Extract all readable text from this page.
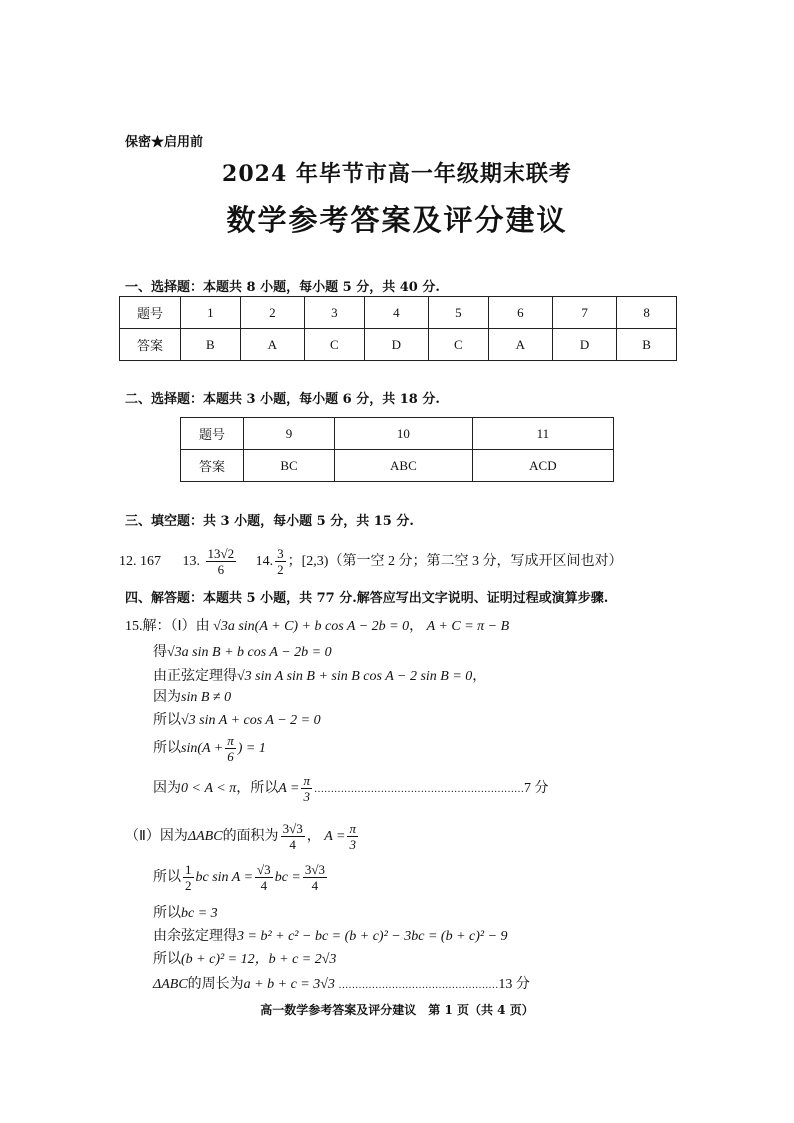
保密★启用前
2024 年毕节市高一年级期末联考
数学参考答案及评分建议
一、选择题：本题共 8 小题，每小题 5 分，共 40 分.
题号	1	2	3	4	5	6	7	8
答案	B	A	C	D	C	A	D	B
二、选择题：本题共 3 小题，每小题 6 分，共 18 分.
题号	9	10	11
答案	BC	ABC	ACD
三、填空题：共 3 小题，每小题 5 分，共 15 分.
12. 167 13. $\frac{13√2}{6} 14$. $\frac{3}{2}$ ；[2,3)（第一空 2 分；第二空 3 分，写成开区间也对）
四、解答题：本题共 5 小题，共 77 分.解答应写出文字说明、证明过程或演算步骤.
15.解：（Ⅰ）由 √3a sin(A + C) + b cos A − 2b = 0， A + C = π − B
得√3a sin B + b cos A − 2b = 0
由正弦定理得√3 sin A sin B + sin B cos A − 2 sin B = 0，
因为sin B ≠ 0
所以√3 sin A + cos A − 2 = 0
所以$\sin(A + \frac{\pi}{6}$ ) = 1
因为0 < A < π，所以$A = \frac{\pi}{3}$ ………………………………………………………7 分
（Ⅱ）因为ΔABC的面积为 $\frac{3√3}{4}$ ， $A = \frac{\pi}{3}$
所以 $\frac{1}{2}$ bc $\sin A = \frac{√3}{4}$ bc = $\frac{3√3}{4}$
所以bc = 3
由余弦定理得3 = b² + c² − bc = (b + c)² − 3bc = (b + c)² − 9
所以(b + c)² = 12，b + c = 2√3
ΔABC的周长为a + b + c = 3√3 …………………………………………13 分
高一数学参考答案及评分建议　第 1 页（共 4 页）
